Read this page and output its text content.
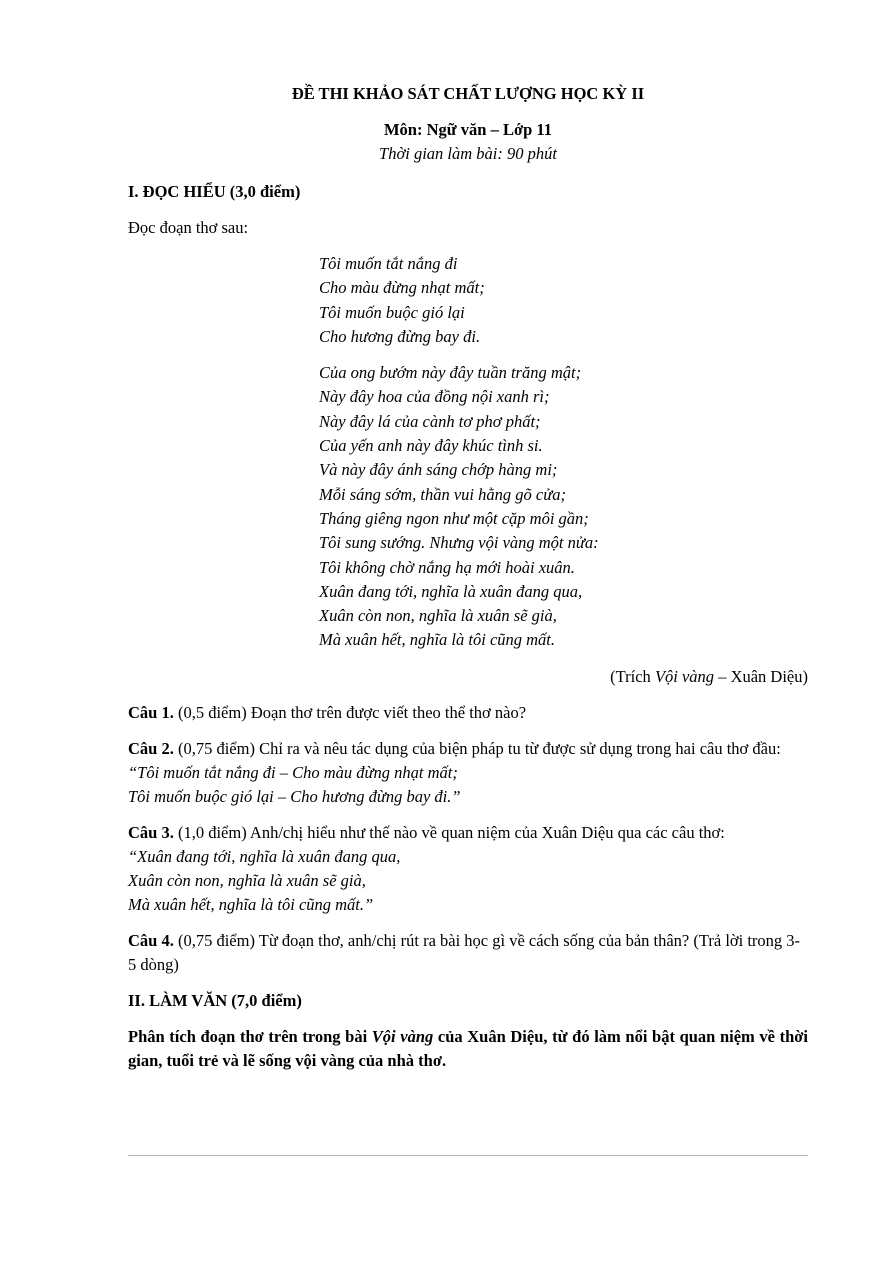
ĐỀ THI KHẢO SÁT CHẤT LƯỢNG HỌC KỲ II

Môn: Ngữ văn – Lớp 11

Thời gian làm bài: 90 phút

I. ĐỌC HIỂU (3,0 điểm)

Đọc đoạn thơ sau:

Tôi muốn tắt nắng đi
Cho màu đừng nhạt mất;
Tôi muốn buộc gió lại
Cho hương đừng bay đi.
Của ong bướm này đây tuần trăng mật;
Này đây hoa của đồng nội xanh rì;
Này đây lá của cành tơ phơ phất;
Của yến anh này đây khúc tình si.
Và này đây ánh sáng chớp hàng mi;
Mỗi sáng sớm, thần vui hằng gõ cửa;
Tháng giêng ngon như một cặp môi gần;
Tôi sung sướng. Nhưng vội vàng một nửa:
Tôi không chờ nắng hạ mới hoài xuân.
Xuân đang tới, nghĩa là xuân đang qua,
Xuân còn non, nghĩa là xuân sẽ già,
Mà xuân hết, nghĩa là tôi cũng mất.

(Trích Vội vàng – Xuân Diệu)

Câu 1. (0,5 điểm) Đoạn thơ trên được viết theo thể thơ nào?

Câu 2. (0,75 điểm) Chỉ ra và nêu tác dụng của biện pháp tu từ được sử dụng trong hai câu thơ đầu:
“Tôi muốn tắt nắng đi – Cho màu đừng nhạt mất;
Tôi muốn buộc gió lại – Cho hương đừng bay đi.”
Câu 3. (1,0 điểm) Anh/chị hiểu như thế nào về quan niệm của Xuân Diệu qua các câu thơ:
“Xuân đang tới, nghĩa là xuân đang qua,
Xuân còn non, nghĩa là xuân sẽ già,
Mà xuân hết, nghĩa là tôi cũng mất.”

Câu 4. (0,75 điểm) Từ đoạn thơ, anh/chị rút ra bài học gì về cách sống của bản thân? (Trả lời trong 3-5 dòng)

II. LÀM VĂN (7,0 điểm)

Phân tích đoạn thơ trên trong bài Vội vàng của Xuân Diệu, từ đó làm nổi bật quan niệm về thời gian, tuổi trẻ và lẽ sống vội vàng của nhà thơ.
